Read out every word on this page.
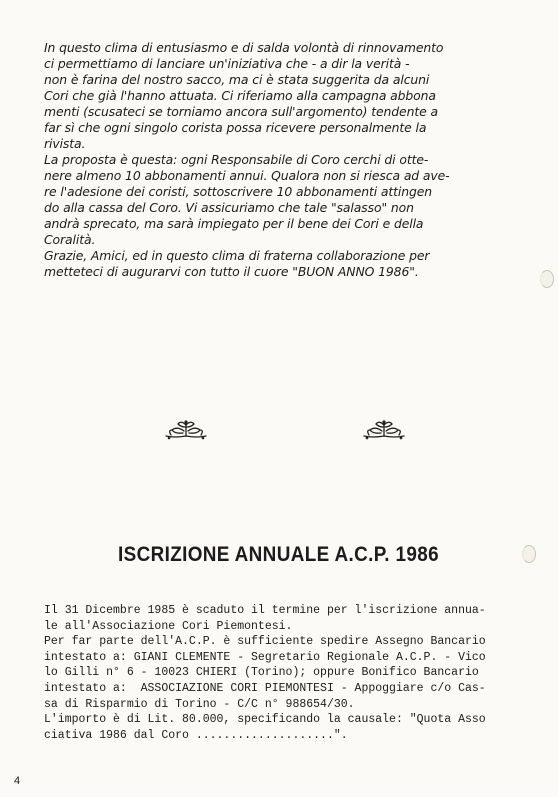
In questo clima di entusiasmo e di salda volontà di rinnovamento
ci permettiamo di lanciare un'iniziativa che - a dir la verità -
non è farina del nostro sacco, ma ci è stata suggerita da alcuni
Cori che già l'hanno attuata. Ci riferiamo alla campagna abbona
menti (scusateci se torniamo ancora sull'argomento) tendente a
far sì che ogni singolo corista possa ricevere personalmente la
rivista.
La proposta è questa: ogni Responsabile di Coro cerchi di otte-
nere almeno 10 abbonamenti annui. Qualora non si riesca ad ave-
re l'adesione dei coristi, sottoscrivere 10 abbonamenti attingen
do alla cassa del Coro. Vi assicuriamo che tale "salasso" non
andrà sprecato, ma sarà impiegato per il bene dei Cori e della
Coralità.
Grazie, Amici, ed in questo clima di fraterna collaborazione per
metteteci di augurarvi con tutto il cuore "BUON ANNO 1986".
ISCRIZIONE ANNUALE A.C.P. 1986
Il 31 Dicembre 1985 è scaduto il termine per l'iscrizione annua-
le all'Associazione Cori Piemontesi.
Per far parte dell'A.C.P. è sufficiente spedire Assegno Bancario
intestato a: GIANI CLEMENTE - Segretario Regionale A.C.P. - Vico
lo Gilli n° 6 - 10023 CHIERI (Torino); oppure Bonifico Bancario
intestato a:  ASSOCIAZIONE CORI PIEMONTESI - Appoggiare c/o Cas-
sa di Risparmio di Torino - C/C n° 988654/30.
L'importo è di Lit. 80.000, specificando la causale: "Quota Asso
ciativa 1986 dal Coro ....................".
4
